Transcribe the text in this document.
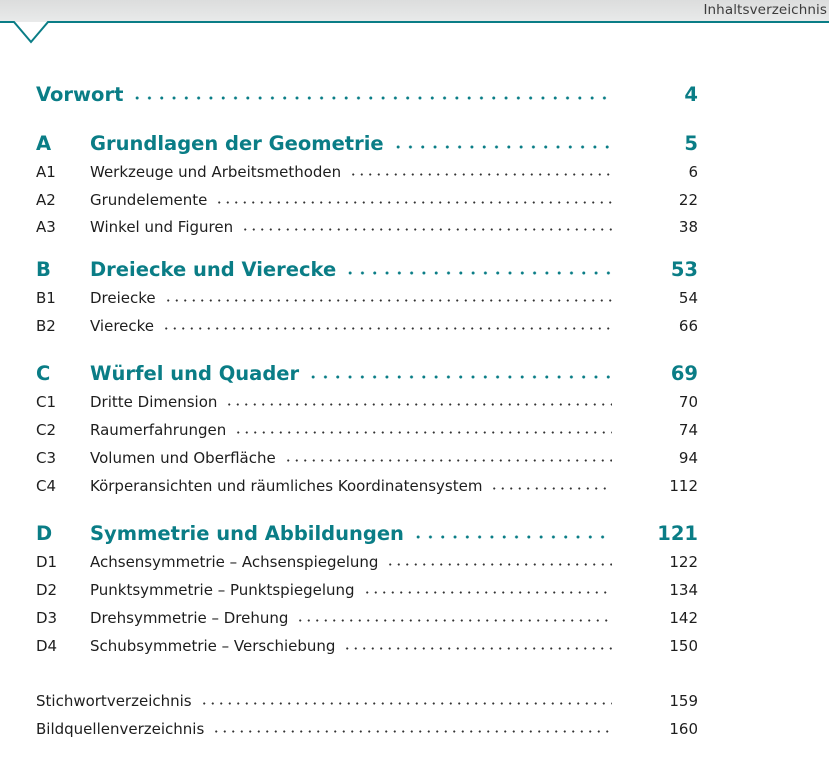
Inhaltsverzeichnis
Vorwort	4
A	Grundlagen der Geometrie	5
A1	Werkzeuge und Arbeitsmethoden	6
A2	Grundelemente	22
A3	Winkel und Figuren	38
B	Dreiecke und Vierecke	53
B1	Dreiecke	54
B2	Vierecke	66
C	Würfel und Quader	69
C1	Dritte Dimension	70
C2	Raumerfahrungen	74
C3	Volumen und Oberfläche	94
C4	Körperansichten und räumliches Koordinatensystem	112
D	Symmetrie und Abbildungen	121
D1	Achsensymmetrie – Achsenspiegelung	122
D2	Punktsymmetrie – Punktspiegelung	134
D3	Drehsymmetrie – Drehung	142
D4	Schubsymmetrie – Verschiebung	150
Stichwortverzeichnis	159
Bildquellenverzeichnis	160
